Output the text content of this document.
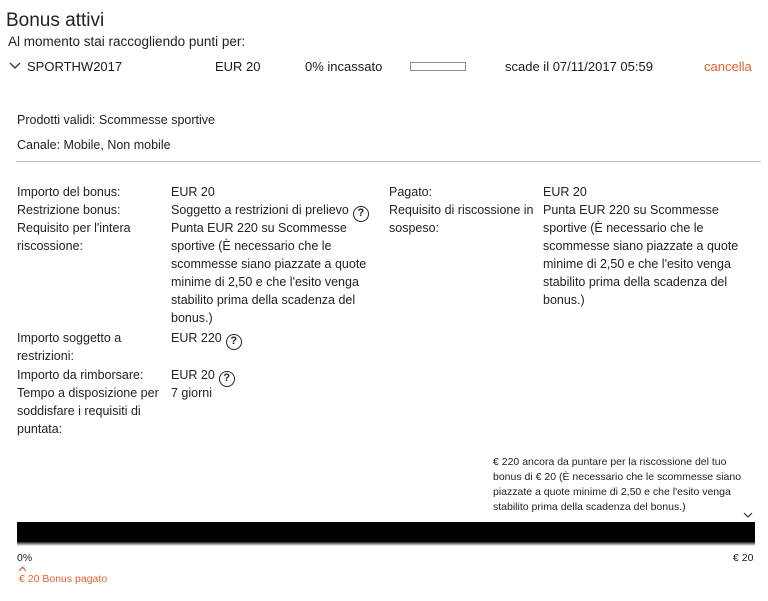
Bonus attivi
Al momento stai raccogliendo punti per:
SPORTHW2017	EUR 20	0% incassato	scade il 07/11/2017 05:59	cancella
Prodotti validi: Scommesse sportive
Canale: Mobile, Non mobile
Importo del bonus:	EUR 20
Restrizione bonus:	Soggetto a restrizioni di prelievo ?
Requisito per l'intera riscossione:
Punta EUR 220 su Scommesse sportive (È necessario che le scommesse siano piazzate a quote minime di 2,50 e che l'esito venga stabilito prima della scadenza del bonus.)
Importo soggetto a restrizioni:
EUR 220 ?
Importo da rimborsare:	EUR 20 ?
Tempo a disposizione per soddisfare i requisiti di puntata:
7 giorni
Pagato:	EUR 20
Requisito di riscossione in sospeso:
Punta EUR 220 su Scommesse sportive (È necessario che le scommesse siano piazzate a quote minime di 2,50 e che l'esito venga stabilito prima della scadenza del bonus.)
€ 220 ancora da puntare per la riscossione del tuo bonus di € 20 (È necessario che le scommesse siano piazzate a quote minime di 2,50 e che l'esito venga stabilito prima della scadenza del bonus.)
0%	€ 20
€ 20 Bonus pagato
